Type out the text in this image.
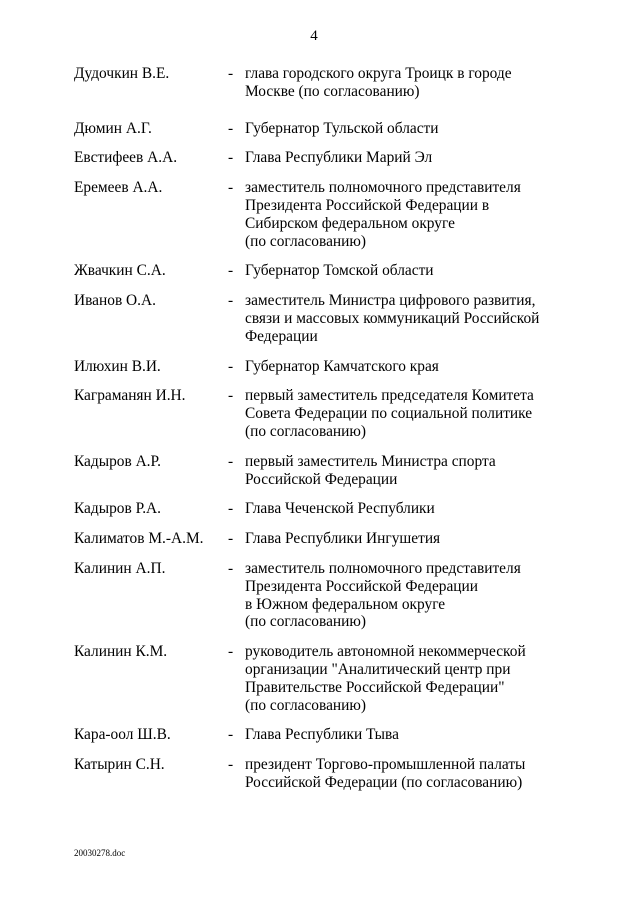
4
Дудочкин В.Е.	- глава городского округа Троицк в городе
Москве (по согласованию)
Дюмин А.Г.	- Губернатор Тульской области
Евстифеев А.А.	- Глава Республики Марий Эл
Еремеев А.А.	- заместитель полномочного представителя
Президента Российской Федерации в
Сибирском федеральном округе
(по согласованию)
Жвачкин С.А.	- Губернатор Томской области
Иванов О.А.	- заместитель Министра цифрового развития,
связи и массовых коммуникаций Российской
Федерации
Илюхин В.И.	- Губернатор Камчатского края
Каграманян И.Н.	- первый заместитель председателя Комитета
Совета Федерации по социальной политике
(по согласованию)
Кадыров А.Р.	- первый заместитель Министра спорта
Российской Федерации
Кадыров Р.А.	- Глава Чеченской Республики
Калиматов М.-А.М. - Глава Республики Ингушетия
Калинин А.П.	- заместитель полномочного представителя
Президента Российской Федерации
в Южном федеральном округе
(по согласованию)
Калинин К.М.	- руководитель автономной некоммерческой
организации "Аналитический центр при
Правительстве Российской Федерации"
(по согласованию)
Кара-оол Ш.В.	- Глава Республики Тыва
Катырин С.Н.	- президент Торгово-промышленной палаты
Российской Федерации (по согласованию)
20030278.doc
